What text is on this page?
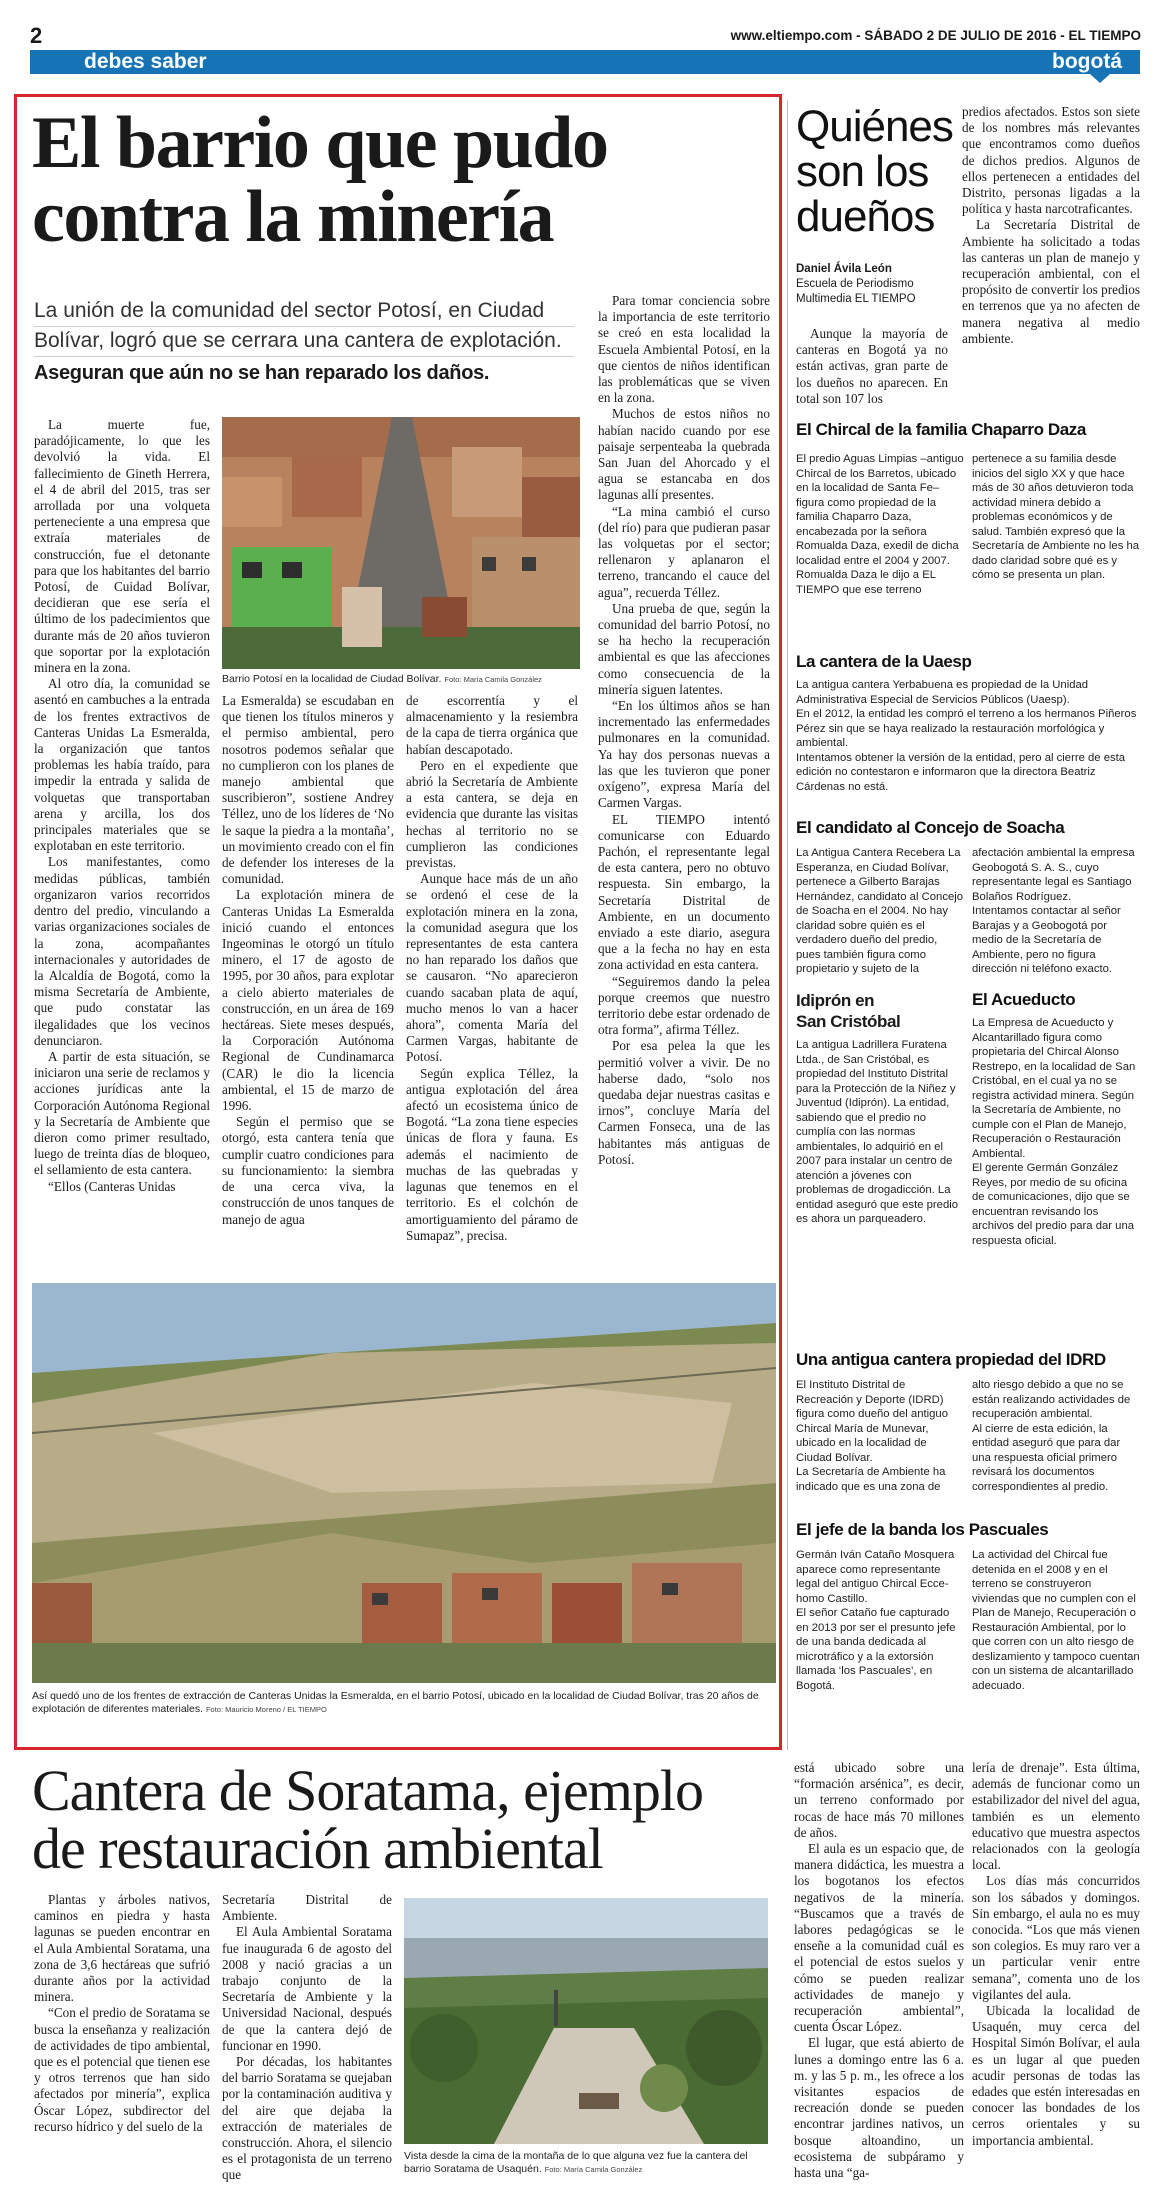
2	www.eltiempo.com - SÁBADO 2 DE JULIO DE 2016 - EL TIEMPO
debes saber	bogotá
El barrio que pudo
contra la minería
La unión de la comunidad del sector Potosí, en Ciudad Bolívar, logró que se cerrara una cantera de explotación.
Aseguran que aún no se han reparado los daños.

Para tomar conciencia sobre la importancia de este territorio se creó en esta localidad la Escuela Ambiental Potosí, en la que cientos de niños identifican las problemáticas que se viven en la zona.

Muchos de estos niños no habían nacido cuando por ese paisaje serpenteaba la quebrada San Juan del Ahorcado y el agua se estancaba en dos lagunas allí presentes.

“La mina cambió el curso (del río) para que pudieran pasar las volquetas por el sector; rellenaron y aplanaron el terreno, trancando el cauce del agua”, recuerda Téllez.

Una prueba de que, según la comunidad del barrio Potosí, no se ha hecho la recuperación ambiental es que las afecciones como consecuencia de la minería siguen latentes.

“En los últimos años se han incrementado las enfermedades pulmonares en la comunidad. Ya hay dos personas nuevas a las que les tuvieron que poner oxígeno”, expresa María del Carmen Vargas.

EL TIEMPO intentó comunicarse con Eduardo Pachón, el representante legal de esta cantera, pero no obtuvo respuesta. Sin embargo, la Secretaría Distrital de Ambiente, en un documento enviado a este diario, asegura que a la fecha no hay en esta zona actividad en esta cantera.

“Seguiremos dando la pelea porque creemos que nuestro territorio debe estar ordenado de otra forma”, afirma Téllez.

Por esa pelea la que les permitió volver a vivir. De no haberse dado, “solo nos quedaba dejar nuestras casitas e irnos”, concluye María del Carmen Fonseca, una de las habitantes más antiguas de Potosí.

La muerte fue, paradójicamente, lo que les devolvió la vida. El fallecimiento de Gineth Herrera, el 4 de abril del 2015, tras ser arrollada por una volqueta perteneciente a una empresa que extraía materiales de construcción, fue el detonante para que los habitantes del barrio Potosí, de Cuidad Bolívar, decidieran que ese sería el último de los padecimientos que durante más de 20 años tuvieron que soportar por la explotación minera en la zona.

Al otro día, la comunidad se asentó en cambuches a la entrada de los frentes extractivos de Canteras Unidas La Esmeralda, la organización que tantos problemas les había traído, para impedir la entrada y salida de volquetas que transportaban arena y arcilla, los dos principales materiales que se explotaban en este territorio.

Los manifestantes, como medidas públicas, también organizaron varios recorridos dentro del predio, vinculando a varias organizaciones sociales de la zona, acompañantes internacionales y autoridades de la Alcaldía de Bogotá, como la misma Secretaría de Ambiente, que pudo constatar las ilegalidades que los vecinos denunciaron.

A partir de esta situación, se iniciaron una serie de reclamos y acciones jurídicas ante la Corporación Autónoma Regional y la Secretaría de Ambiente que dieron como primer resultado, luego de treinta días de bloqueo, el sellamiento de esta cantera.

“Ellos (Canteras Unidas

Barrio Potosí en la localidad de Ciudad Bolívar. Foto: María Camila González

La Esmeralda) se escudaban en que tienen los títulos mineros y el permiso ambiental, pero nosotros podemos señalar que no cumplieron con los planes de manejo ambiental que suscribieron”, sostiene Andrey Téllez, uno de los líderes de ‘No le saque la piedra a la montaña’, un movimiento creado con el fin de defender los intereses de la comunidad.

La explotación minera de Canteras Unidas La Esmeralda inició cuando el entonces Ingeominas le otorgó un título minero, el 17 de agosto de 1995, por 30 años, para explotar a cielo abierto materiales de construcción, en un área de 169 hectáreas. Siete meses después, la Corporación Autónoma Regional de Cundinamarca (CAR) le dio la licencia ambiental, el 15 de marzo de 1996.

Según el permiso que se otorgó, esta cantera tenía que cumplir cuatro condiciones para su funcionamiento: la siembra de una cerca viva, la construcción de unos tanques de manejo de agua

de escorrentía y el almacenamiento y la resiembra de la capa de tierra orgánica que habían descapotado.

Pero en el expediente que abrió la Secretaría de Ambiente a esta cantera, se deja en evidencia que durante las visitas hechas al territorio no se cumplieron las condiciones previstas.

Aunque hace más de un año se ordenó el cese de la explotación minera en la zona, la comunidad asegura que los representantes de esta cantera no han reparado los daños que se causaron. “No aparecieron cuando sacaban plata de aquí, mucho menos lo van a hacer ahora”, comenta María del Carmen Vargas, habitante de Potosí.

Según explica Téllez, la antigua explotación del área afectó un ecosistema único de Bogotá. “La zona tiene especies únicas de flora y fauna. Es además el nacimiento de muchas de las quebradas y lagunas que tenemos en el territorio. Es el colchón de amortiguamiento del páramo de Sumapaz”, precisa.

Así quedó uno de los frentes de extracción de Canteras Unidas la Esmeralda, en el barrio Potosí, ubicado en la localidad de Ciudad Bolívar, tras 20 años de explotación de diferentes materiales. Foto: Mauricio Moreno / EL TIEMPO
Quiénes
son los
dueños
Daniel Ávila León
Escuela de Periodismo
Multimedia EL TIEMPO

Aunque la mayoría de canteras en Bogotá ya no están activas, gran parte de los dueños no aparecen. En total son 107 los

predios afectados. Estos son siete de los nombres más relevantes que encontramos como dueños de dichos predios. Algunos de ellos pertenecen a entidades del Distrito, personas ligadas a la política y hasta narcotraficantes.

La Secretaría Distrital de Ambiente ha solicitado a todas las canteras un plan de manejo y recuperación ambiental, con el propósito de convertir los predios en terrenos que ya no afecten de manera negativa al medio ambiente.

El Chircal de la familia Chaparro Daza
El predio Aguas Limpias –antiguo Chircal de los Barretos, ubicado en la localidad de Santa Fe– figura como propiedad de la familia Chaparro Daza, encabezada por la señora Romualda Daza, exedil de dicha localidad entre el 2004 y 2007.
Romualda Daza le dijo a EL TIEMPO que ese terreno
pertenece a su familia desde inicios del siglo XX y que hace más de 30 años detuvieron toda actividad minera debido a problemas económicos y de salud. También expresó que la Secretaría de Ambiente no les ha dado claridad sobre qué es y cómo se presenta un plan.
La cantera de la Uaesp
La antigua cantera Yerbabuena es propiedad de la Unidad Administrativa Especial de Servicios Públicos (Uaesp).
En el 2012, la entidad les compró el terreno a los hermanos Piñeros Pérez sin que se haya realizado la restauración morfológica y ambiental.
Intentamos obtener la versión de la entidad, pero al cierre de esta edición no contestaron e informaron que la directora Beatriz Cárdenas no está.
El candidato al Concejo de Soacha
La Antigua Cantera Recebera La Esperanza, en Ciudad Bolívar, pertenece a Gilberto Barajas Hernández, candidato al Concejo de Soacha en el 2004. No hay claridad sobre quién es el verdadero dueño del predio, pues también figura como propietario y sujeto de la
afectación ambiental la empresa Geobogotá S. A. S., cuyo representante legal es Santiago Bolaños Rodríguez.
Intentamos contactar al señor Barajas y a Geobogotá por medio de la Secretaría de Ambiente, pero no figura dirección ni teléfono exacto.
Idiprón en
San Cristóbal
La antigua Ladrillera Furatena Ltda., de San Cristóbal, es propiedad del Instituto Distrital para la Protección de la Niñez y Juventud (Idiprón). La entidad, sabiendo que el predio no cumplía con las normas ambientales, lo adquirió en el 2007 para instalar un centro de atención a jóvenes con problemas de drogadicción. La entidad aseguró que este predio es ahora un parqueadero.
El Acueducto
La Empresa de Acueducto y Alcantarillado figura como propietaria del Chircal Alonso Restrepo, en la localidad de San Cristóbal, en el cual ya no se registra actividad minera. Según la Secretaría de Ambiente, no cumple con el Plan de Manejo, Recuperación o Restauración Ambiental.
El gerente Germán González Reyes, por medio de su oficina de comunicaciones, dijo que se encuentran revisando los archivos del predio para dar una respuesta oficial.
Una antigua cantera propiedad del IDRD
El Instituto Distrital de Recreación y Deporte (IDRD) figura como dueño del antiguo Chircal María de Munevar, ubicado en la localidad de Ciudad Bolívar.
La Secretaría de Ambiente ha indicado que es una zona de
alto riesgo debido a que no se están realizando actividades de recuperación ambiental.
Al cierre de esta edición, la entidad aseguró que para dar una respuesta oficial primero revisará los documentos correspondientes al predio.
El jefe de la banda los Pascuales
Germán Iván Cataño Mosquera aparece como representante legal del antiguo Chircal Eccehomo Castillo.
El señor Cataño fue capturado en 2013 por ser el presunto jefe de una banda dedicada al microtráfico y a la extorsión llamada ‘los Pascuales’, en Bogotá.
La actividad del Chircal fue detenida en el 2008 y en el terreno se construyeron viviendas que no cumplen con el Plan de Manejo, Recuperación o Restauración Ambiental, por lo que corren con un alto riesgo de deslizamiento y tampoco cuentan con un sistema de alcantarillado adecuado.
Cantera de Soratama, ejemplo
de restauración ambiental

Plantas y árboles nativos, caminos en piedra y hasta lagunas se pueden encontrar en el Aula Ambiental Soratama, una zona de 3,6 hectáreas que sufrió durante años por la actividad minera.

“Con el predio de Soratama se busca la enseñanza y realización de actividades de tipo ambiental, que es el potencial que tienen ese y otros terrenos que han sido afectados por minería”, explica Óscar López, subdirector del recurso hídrico y del suelo de la

Secretaría Distrital de Ambiente.

El Aula Ambiental Soratama fue inaugurada 6 de agosto del 2008 y nació gracias a un trabajo conjunto de la Secretaría de Ambiente y la Universidad Nacional, después de que la cantera dejó de funcionar en 1990.

Por décadas, los habitantes del barrio Soratama se quejaban por la contaminación auditiva y del aire que dejaba la extracción de materiales de construcción. Ahora, el silencio es el protagonista de un terreno que

Vista desde la cima de la montaña de lo que alguna vez fue la cantera del barrio Soratama de Usaquén. Foto: María Camila González

está ubicado sobre una “formación arsénica”, es decir, un terreno conformado por rocas de hace más 70 millones de años.

El aula es un espacio que, de manera didáctica, les muestra a los bogotanos los efectos negativos de la minería. “Buscamos que a través de labores pedagógicas se le enseñe a la comunidad cuál es el potencial de estos suelos y cómo se pueden realizar actividades de manejo y recuperación ambiental”, cuenta Óscar López.

El lugar, que está abierto de lunes a domingo entre las 6 a. m. y las 5 p. m., les ofrece a los visitantes espacios de recreación donde se pueden encontrar jardines nativos, un bosque altoandino, un ecosistema de subpáramo y hasta una “ga-

lería de drenaje”. Esta última, además de funcionar como un estabilizador del nivel del agua, también es un elemento educativo que muestra aspectos relacionados con la geología local.

Los días más concurridos son los sábados y domingos. Sin embargo, el aula no es muy conocida. “Los que más vienen son colegios. Es muy raro ver a un particular venir entre semana”, comenta uno de los vigilantes del aula.

Ubicada la localidad de Usaquén, muy cerca del Hospital Simón Bolívar, el aula es un lugar al que pueden acudir personas de todas las edades que estén interesadas en conocer las bondades de los cerros orientales y su importancia ambiental.
